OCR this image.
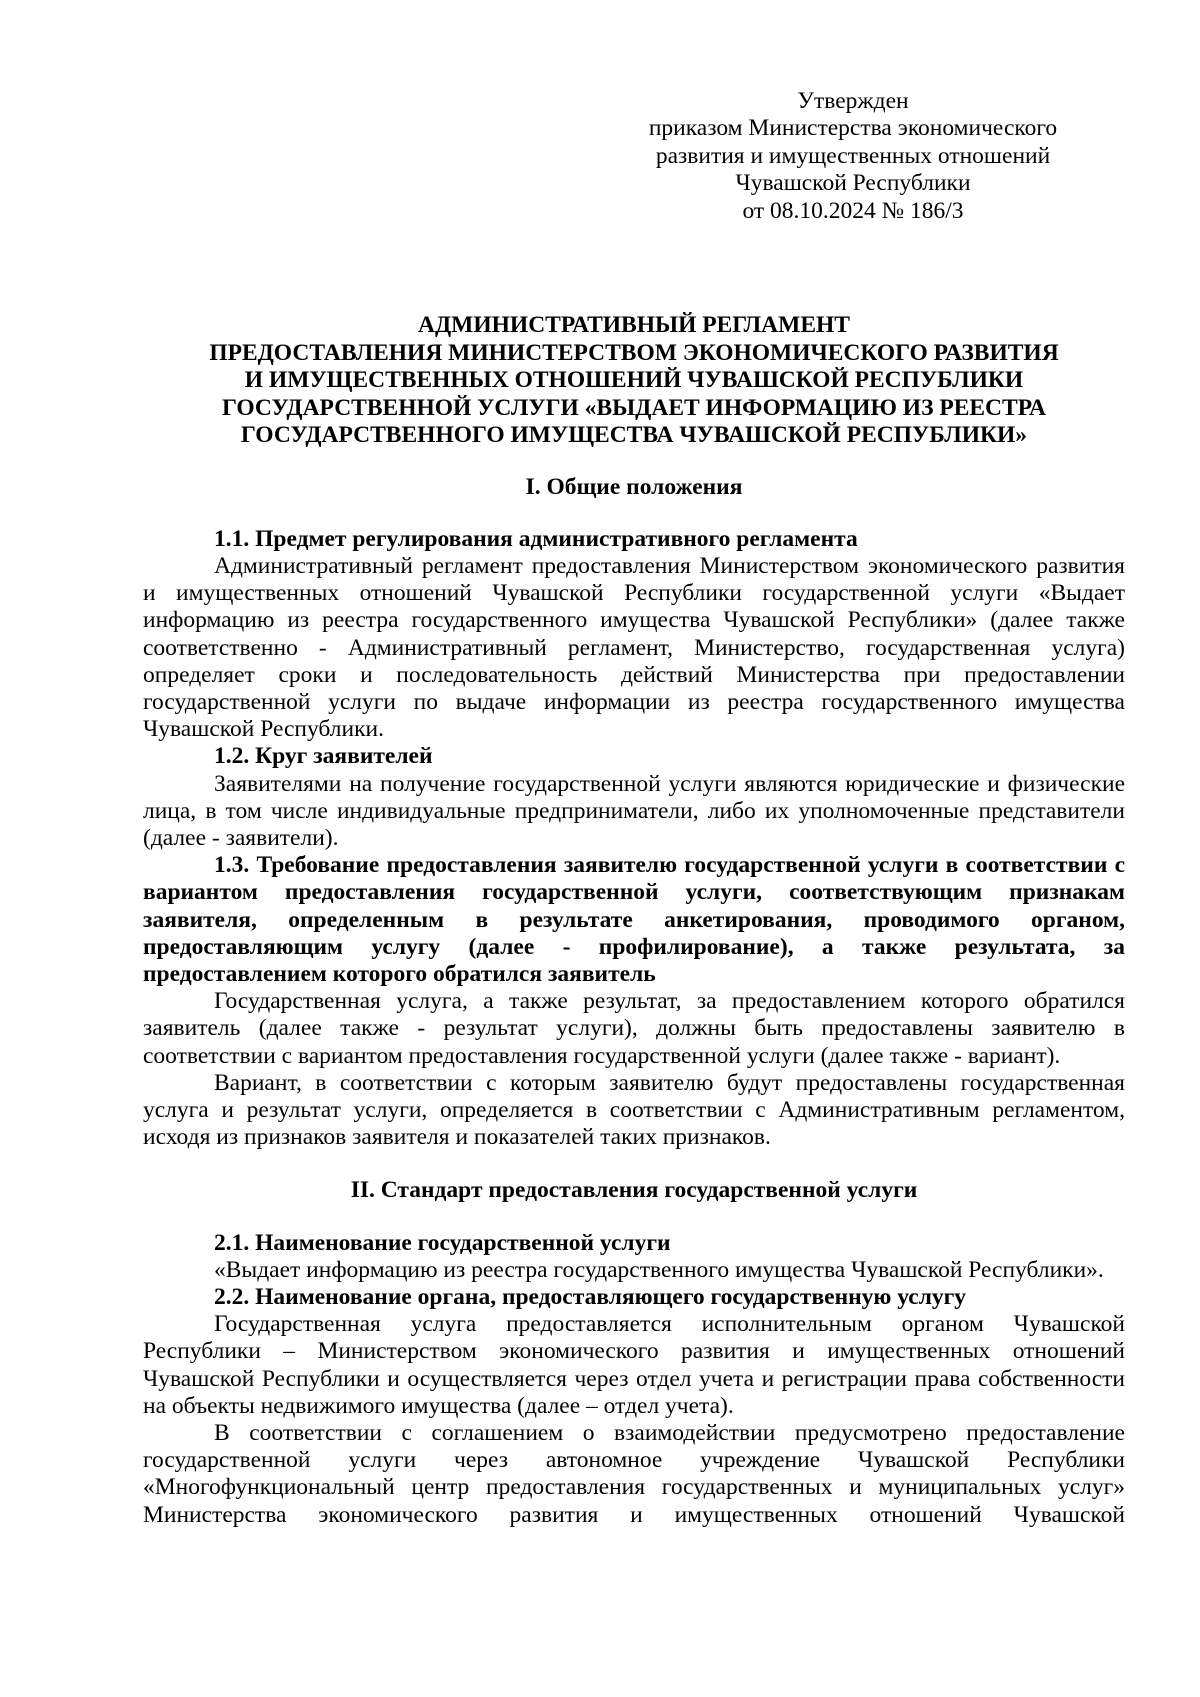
Утвержден
приказом Министерства экономического
развития и имущественных отношений
Чувашской Республики
от 08.10.2024 № 186/3
АДМИНИСТРАТИВНЫЙ РЕГЛАМЕНТ
ПРЕДОСТАВЛЕНИЯ МИНИСТЕРСТВОМ ЭКОНОМИЧЕСКОГО РАЗВИТИЯ
И ИМУЩЕСТВЕННЫХ ОТНОШЕНИЙ ЧУВАШСКОЙ РЕСПУБЛИКИ
ГОСУДАРСТВЕННОЙ УСЛУГИ «ВЫДАЕТ ИНФОРМАЦИЮ ИЗ РЕЕСТРА
ГОСУДАРСТВЕННОГО ИМУЩЕСТВА ЧУВАШСКОЙ РЕСПУБЛИКИ»
I. Общие положения
1.1. Предмет регулирования административного регламента
Административный регламент предоставления Министерством экономического развития и имущественных отношений Чувашской Республики государственной услуги «Выдает информацию из реестра государственного имущества Чувашской Республики» (далее также соответственно - Административный регламент, Министерство, государственная услуга) определяет сроки и последовательность действий Министерства при предоставлении государственной услуги по выдаче информации из реестра государственного имущества Чувашской Республики.
1.2. Круг заявителей
Заявителями на получение государственной услуги являются юридические и физические лица, в том числе индивидуальные предприниматели, либо их уполномоченные представители (далее - заявители).
1.3. Требование предоставления заявителю государственной услуги в соответствии с вариантом предоставления государственной услуги, соответствующим признакам заявителя, определенным в результате анкетирования, проводимого органом, предоставляющим услугу (далее - профилирование), а также результата, за предоставлением которого обратился заявитель
Государственная услуга, а также результат, за предоставлением которого обратился заявитель (далее также - результат услуги), должны быть предоставлены заявителю в соответствии с вариантом предоставления государственной услуги (далее также - вариант).
Вариант, в соответствии с которым заявителю будут предоставлены государственная услуга и результат услуги, определяется в соответствии с Административным регламентом, исходя из признаков заявителя и показателей таких признаков.
II. Стандарт предоставления государственной услуги
2.1. Наименование государственной услуги
«Выдает информацию из реестра государственного имущества Чувашской Республики».
2.2. Наименование органа, предоставляющего государственную услугу
Государственная услуга предоставляется исполнительным органом Чувашской Республики – Министерством экономического развития и имущественных отношений Чувашской Республики и осуществляется через отдел учета и регистрации права собственности на объекты недвижимого имущества (далее – отдел учета).
В соответствии с соглашением о взаимодействии предусмотрено предоставление государственной услуги через автономное учреждение Чувашской Республики «Многофункциональный центр предоставления государственных и муниципальных услуг» Министерства экономического развития и имущественных отношений Чувашской
